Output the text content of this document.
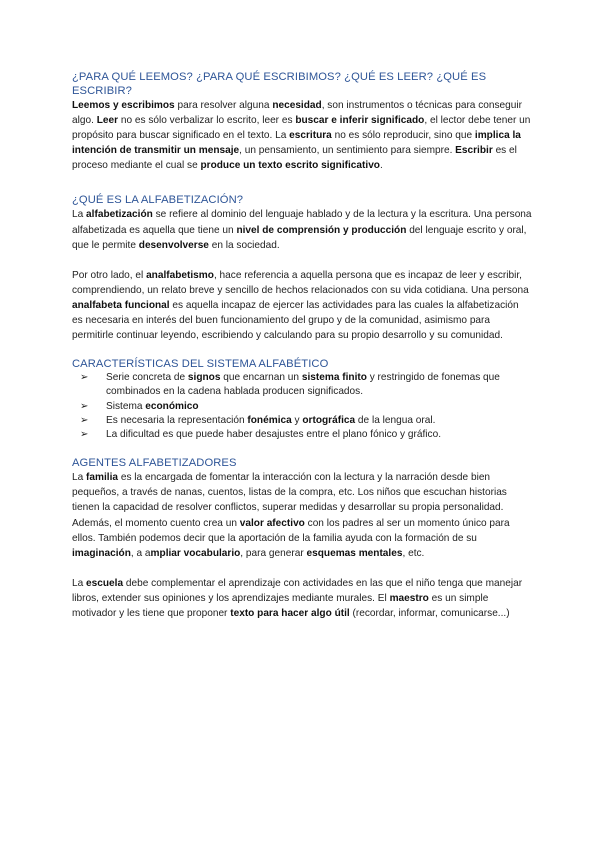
¿PARA QUÉ LEEMOS? ¿PARA QUÉ ESCRIBIMOS? ¿QUÉ ES LEER? ¿QUÉ ES ESCRIBIR?

Leemos y escribimos para resolver alguna necesidad, son instrumentos o técnicas para conseguir algo. Leer no es sólo verbalizar lo escrito, leer es buscar e inferir significado, el lector debe tener un propósito para buscar significado en el texto. La escritura no es sólo reproducir, sino que implica la intención de transmitir un mensaje, un pensamiento, un sentimiento para siempre. Escribir es el proceso mediante el cual se produce un texto escrito significativo.

¿QUÉ ES LA ALFABETIZACIÓN?

La alfabetización se refiere al dominio del lenguaje hablado y de la lectura y la escritura. Una persona alfabetizada es aquella que tiene un nivel de comprensión y producción del lenguaje escrito y oral, que le permite desenvolverse en la sociedad.

Por otro lado, el analfabetismo, hace referencia a aquella persona que es incapaz de leer y escribir, comprendiendo, un relato breve y sencillo de hechos relacionados con su vida cotidiana. Una persona analfabeta funcional es aquella incapaz de ejercer las actividades para las cuales la alfabetización es necesaria en interés del buen funcionamiento del grupo y de la comunidad, asimismo para permitirle continuar leyendo, escribiendo y calculando para su propio desarrollo y su comunidad.

CARACTERÍSTICAS DEL SISTEMA ALFABÉTICO
➢ Serie concreta de signos que encarnan un sistema finito y restringido de fonemas que combinados en la cadena hablada producen significados.
➢ Sistema económico
➢ Es necesaria la representación fonémica y ortográfica de la lengua oral.
➢ La dificultad es que puede haber desajustes entre el plano fónico y gráfico.
AGENTES ALFABETIZADORES

La familia es la encargada de fomentar la interacción con la lectura y la narración desde bien pequeños, a través de nanas, cuentos, listas de la compra, etc. Los niños que escuchan historias tienen la capacidad de resolver conflictos, superar medidas y desarrollar su propia personalidad. Además, el momento cuento crea un valor afectivo con los padres al ser un momento único para ellos. También podemos decir que la aportación de la familia ayuda con la formación de su imaginación, a ampliar vocabulario, para generar esquemas mentales, etc.

La escuela debe complementar el aprendizaje con actividades en las que el niño tenga que manejar libros, extender sus opiniones y los aprendizajes mediante murales. El maestro es un simple motivador y les tiene que proponer texto para hacer algo útil (recordar, informar, comunicarse...)
